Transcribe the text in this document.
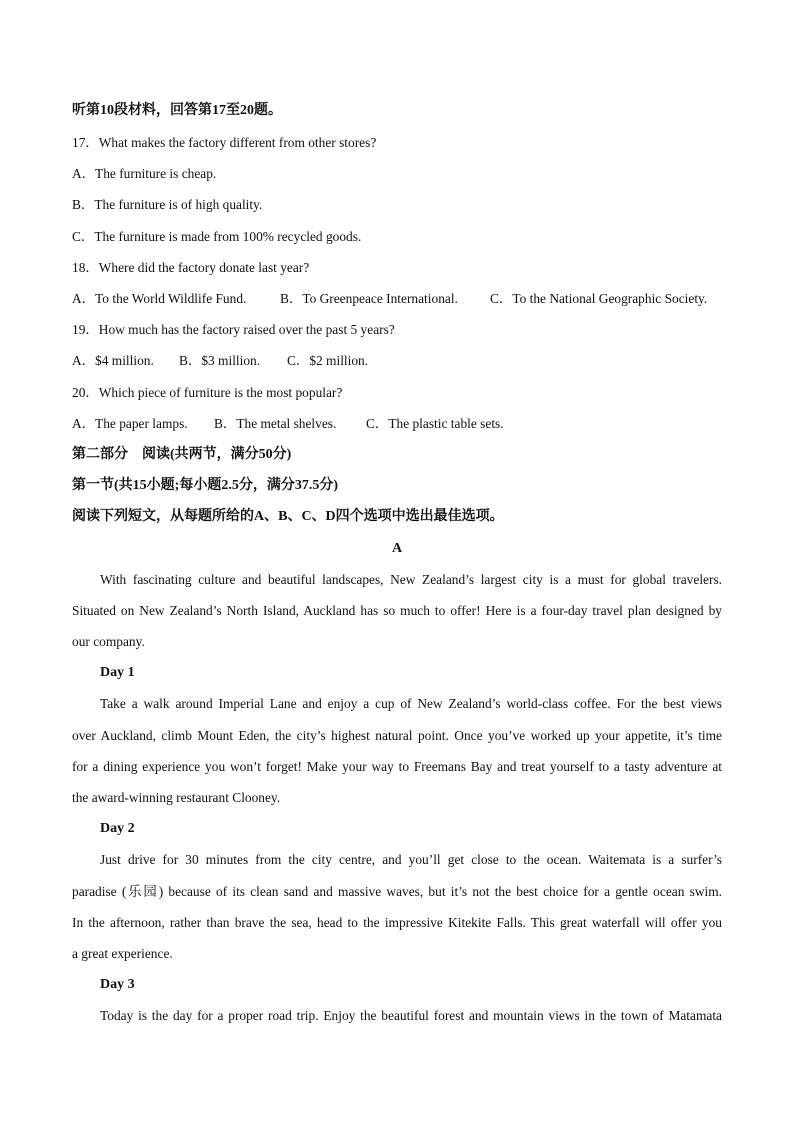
听第10段材料，回答第17至20题。
17．What makes the factory different from other stores?
A．The furniture is cheap.
B．The furniture is of high quality.
C．The furniture is made from 100% recycled goods.
18．Where did the factory donate last year?
A．To the World Wildlife Fund.	B．To Greenpeace International. C．To the National Geographic Society.
19．How much has the factory raised over the past 5 years?
A．$4 million. B．$3 million. C．$2 million.
20．Which piece of furniture is the most popular?
A．The paper lamps. B．The metal shelves. C．The plastic table sets.
第二部分　阅读(共两节，满分50分)
第一节(共15小题;每小题2.5分，满分37.5分)
阅读下列短文，从每题所给的A、B、C、D四个选项中选出最佳选项。
A
With fascinating culture and beautiful landscapes, New Zealand’s largest city is a must for global travelers.
Situated on New Zealand’s North Island, Auckland has so much to offer! Here is a four-day travel plan designed by
our company.
Day 1
Take a walk around Imperial Lane and enjoy a cup of New Zealand’s world-class coffee. For the best views
over Auckland, climb Mount Eden, the city’s highest natural point. Once you’ve worked up your appetite, it’s time
for a dining experience you won’t forget! Make your way to Freemans Bay and treat yourself to a tasty adventure at
the award-winning restaurant Clooney.
Day 2
Just drive for 30 minutes from the city centre, and you’ll get close to the ocean. Waitemata is a surfer’s
paradise (乐园) because of its clean sand and massive waves, but it’s not the best choice for a gentle ocean swim.
In the afternoon, rather than brave the sea, head to the impressive Kitekite Falls. This great waterfall will offer you
a great experience.
Day 3
Today is the day for a proper road trip. Enjoy the beautiful forest and mountain views in the town of Matamata
